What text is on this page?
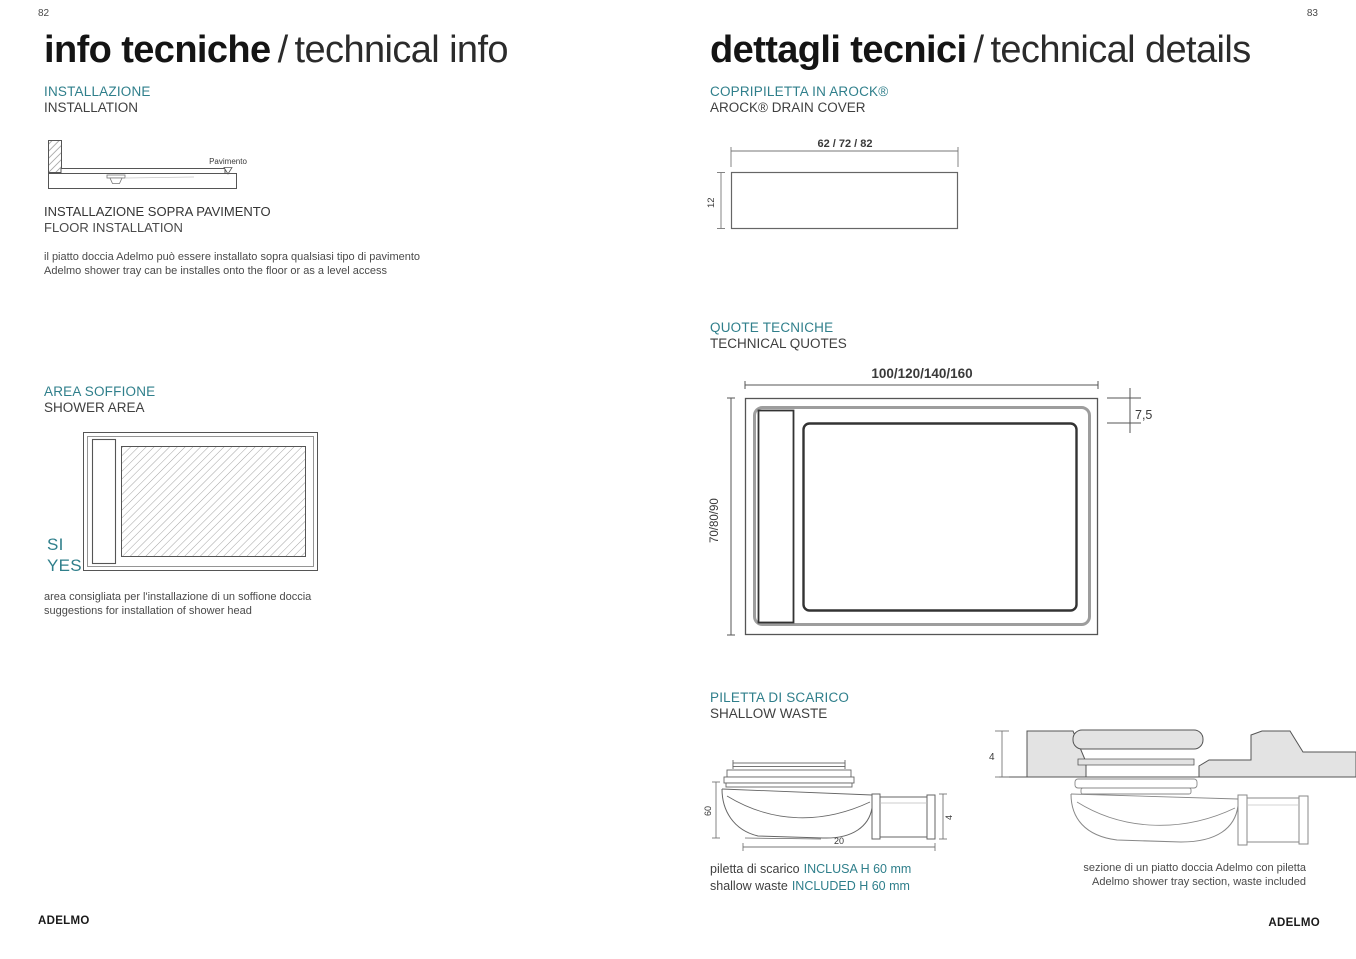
82
info tecniche / technical info
INSTALLAZIONE
INSTALLATION
Pavimento
INSTALLAZIONE SOPRA PAVIMENTO
FLOOR INSTALLATION
il piatto doccia Adelmo può essere installato sopra qualsiasi tipo di pavimento
Adelmo shower tray can be installes onto the floor or as a level access
AREA SOFFIONE
SHOWER AREA
SI
YES
area consigliata per l'installazione di un soffione doccia
suggestions for installation of shower head
ADELMO
83
dettagli tecnici / technical details
COPRIPILETTA IN AROCK®
AROCK® DRAIN COVER
62 / 72 / 82
12
QUOTE TECNICHE
TECHNICAL QUOTES
100/120/140/160
70/80/90
7,5
PILETTA DI SCARICO
SHALLOW WASTE
60
20
4
piletta di scarico INCLUSA H 60 mm
shallow waste INCLUDED H 60 mm
4
sezione di un piatto doccia Adelmo con piletta
Adelmo shower tray section, waste included
ADELMO
